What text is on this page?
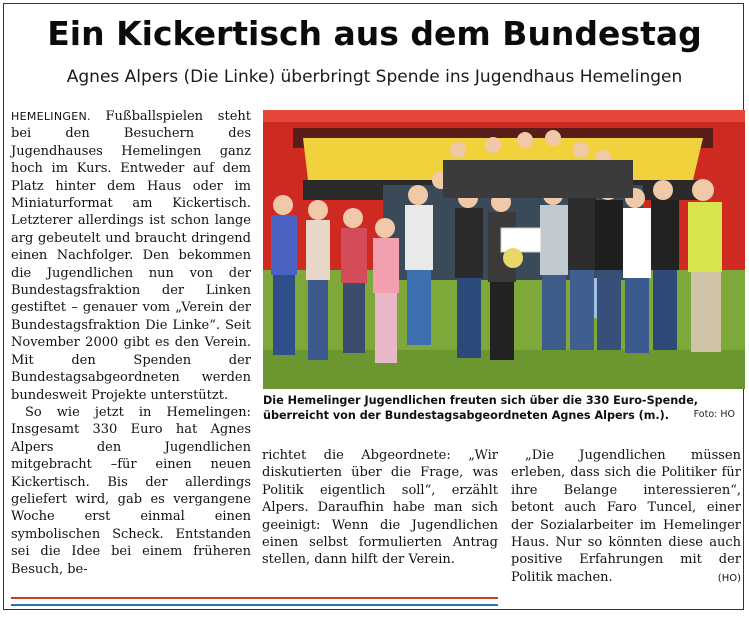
Ein Kickertisch aus dem Bundestag
Agnes Alpers (Die Linke) überbringt Spende ins Jugendhaus Hemelingen

HEMELINGEN. Fußballspielen steht bei den Besuchern des Jugendhauses Hemelingen ganz hoch im Kurs. Entweder auf dem Platz hinter dem Haus oder im Miniaturformat am Kickertisch. Letzterer allerdings ist schon lange arg gebeutelt und braucht dringend einen Nachfolger. Den bekommen die Jugendlichen nun von der Bundestagsfraktion der Linken gestiftet – genauer vom „Verein der Bundestagsfraktion Die Linke“. Seit November 2000 gibt es den Verein. Mit den Spenden der Bundestagsabgeordneten werden bundesweit Projekte unterstützt.

So wie jetzt in Hemelingen: Insgesamt 330 Euro hat Agnes Alpers den Jugendlichen mitgebracht –für einen neuen Kickertisch. Bis der allerdings geliefert wird, gab es vergangene Woche erst einmal einen symbolischen Scheck. Entstanden sei die Idee bei einem früheren Besuch, be-

Die Hemelinger Jugendlichen freuten sich über die 330 Euro-Spende, überreicht von der Bundestagsabgeordneten Agnes Alpers (m.).	Foto: HO

richtet die Abgeordnete: „Wir diskutierten über die Frage, was Politik eigentlich soll“, erzählt Alpers. Daraufhin habe man sich geeinigt: Wenn die Jugendlichen einen selbst formulierten Antrag stellen, dann hilft der Verein.

„Die Jugendlichen müssen erleben, dass sich die Politiker für ihre Belange interessieren“, betont auch Faro Tuncel, einer der Sozialarbeiter im Hemelinger Haus. Nur so könnten diese auch positive Erfahrungen mit der Politik machen.	(HO)
